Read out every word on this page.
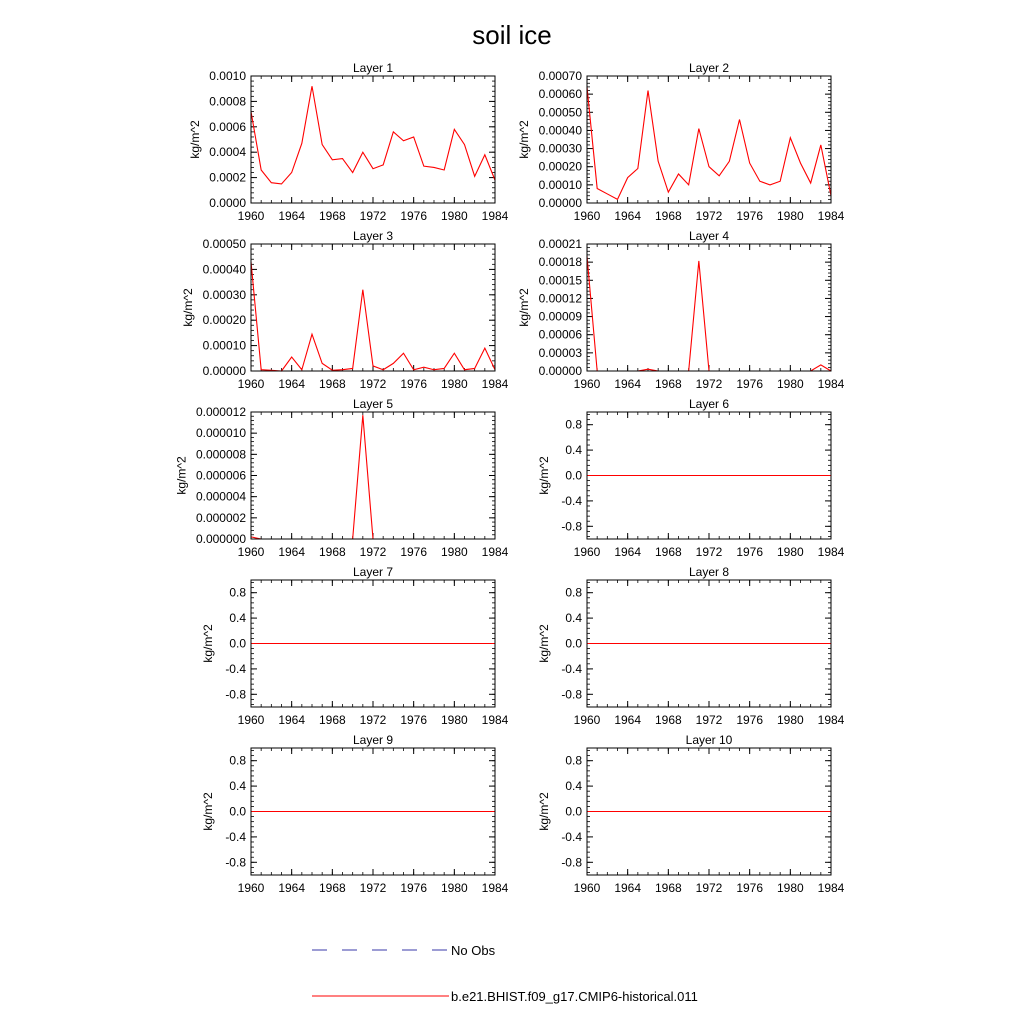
soil ice
Layer 1
1960 1964 1968 1972 1976 1980 1984
0.0000
0.0002
0.0004
0.0006
0.0008
0.0010
kg/m^2
Layer 2
1960 1964 1968 1972 1976 1980 1984
0.00000
0.00010
0.00020
0.00030
0.00040
0.00050
0.00060
0.00070
kg/m^2
Layer 3
1960 1964 1968 1972 1976 1980 1984
0.00000
0.00010
0.00020
0.00030
0.00040
0.00050
kg/m^2
Layer 4
1960 1964 1968 1972 1976 1980 1984
0.00000
0.00003
0.00006
0.00009
0.00012
0.00015
0.00018
0.00021
kg/m^2
Layer 5
1960 1964 1968 1972 1976 1980 1984
0.000000
0.000002
0.000004
0.000006
0.000008
0.000010
0.000012
kg/m^2
Layer 6
1960 1964 1968 1972 1976 1980 1984
-0.8
-0.4
0.0
0.4
0.8
kg/m^2
Layer 7
1960 1964 1968 1972 1976 1980 1984
-0.8
-0.4
0.0
0.4
0.8
kg/m^2
Layer 8
1960 1964 1968 1972 1976 1980 1984
-0.8
-0.4
0.0
0.4
0.8
kg/m^2
Layer 9
1960 1964 1968 1972 1976 1980 1984
-0.8
-0.4
0.0
0.4
0.8
kg/m^2
Layer 10
1960 1964 1968 1972 1976 1980 1984
-0.8
-0.4
0.0
0.4
0.8
kg/m^2
No Obs
b.e21.BHIST.f09_g17.CMIP6-historical.011
